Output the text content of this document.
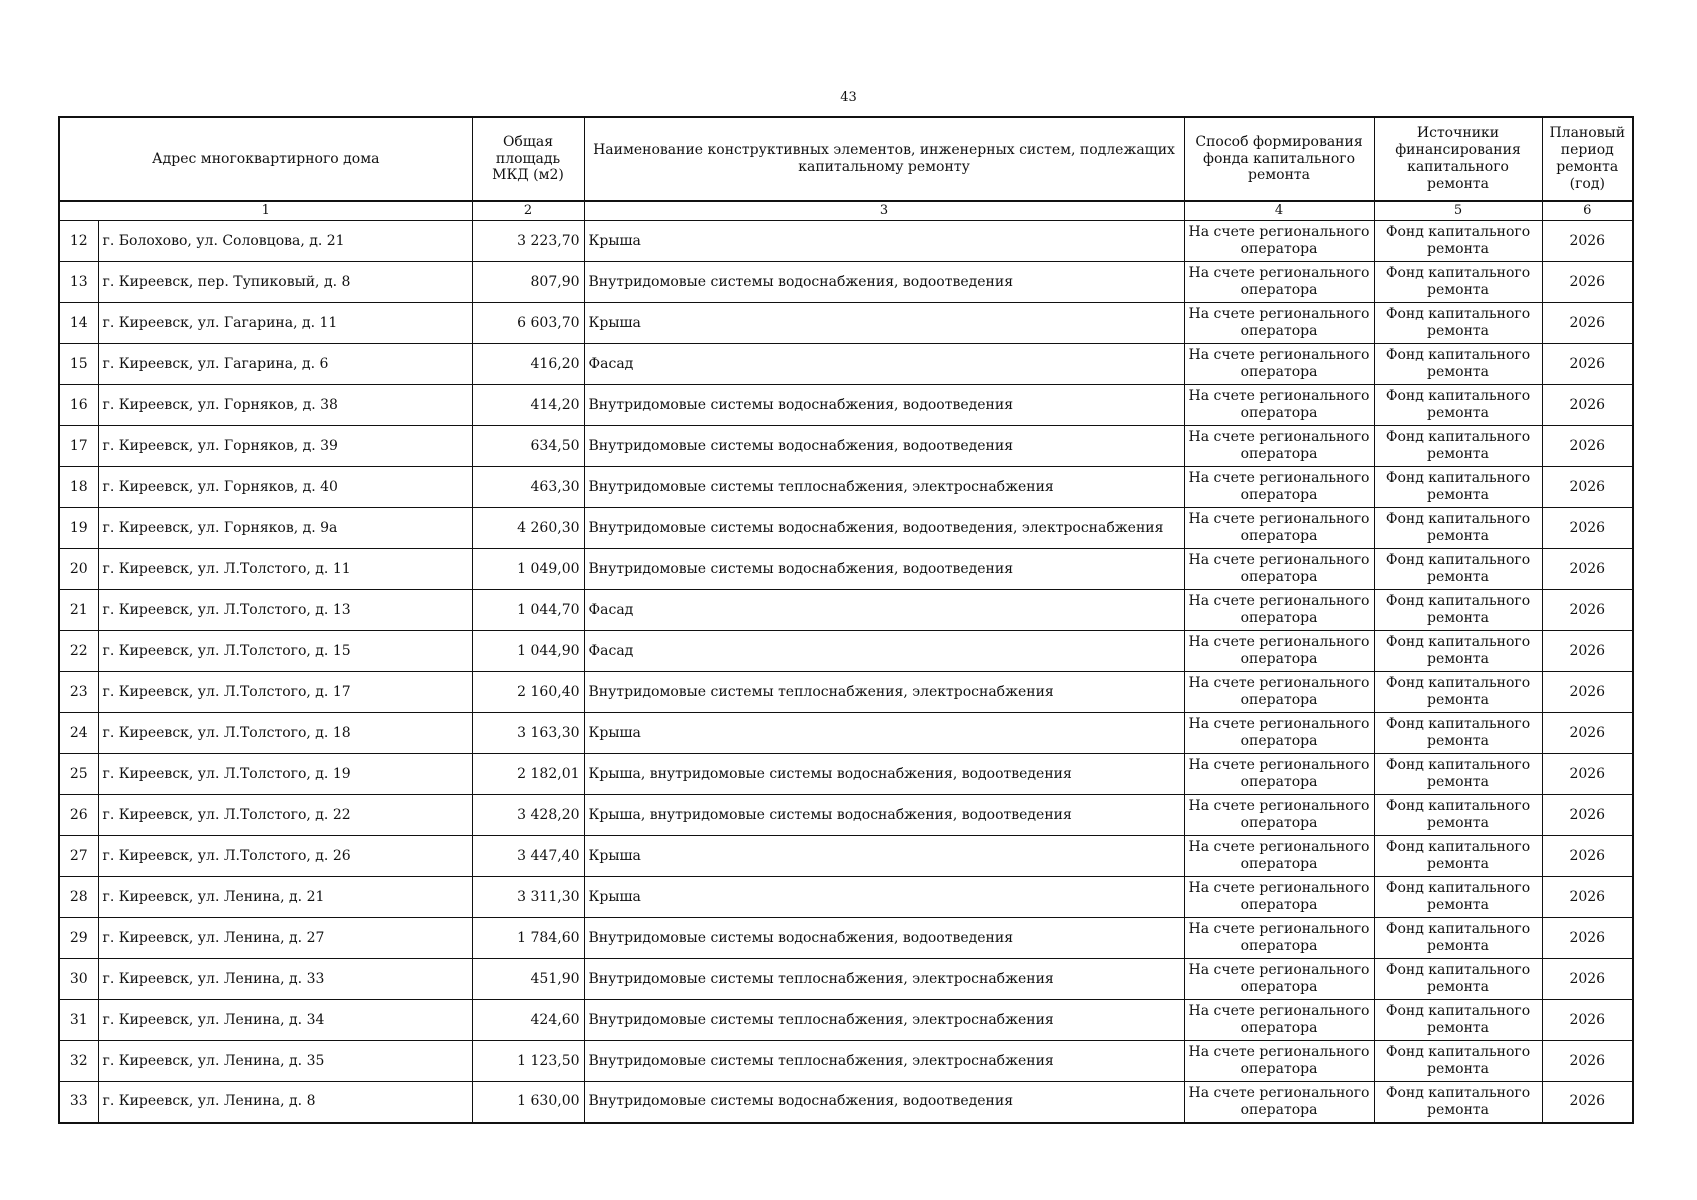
43
Адрес многоквартирного дома		Общая площадь МКД (м2)	Наименование конструктивных элементов, инженерных систем, подлежащих капитальному ремонту	Способ формирования фонда капитального ремонта	Источники финансирования капитального ремонта	Плановый период ремонта (год)
1		2	3	4	5	6
12	г. Болохово, ул. Соловцова, д. 21	3 223,70	Крыша	На счете регионального оператора	Фонд капитального ремонта	2026
13	г. Киреевск, пер. Тупиковый, д. 8	807,90	Внутридомовые системы водоснабжения, водоотведения	На счете регионального оператора	Фонд капитального ремонта	2026
14	г. Киреевск, ул. Гагарина, д. 11	6 603,70	Крыша	На счете регионального оператора	Фонд капитального ремонта	2026
15	г. Киреевск, ул. Гагарина, д. 6	416,20	Фасад	На счете регионального оператора	Фонд капитального ремонта	2026
16	г. Киреевск, ул. Горняков, д. 38	414,20	Внутридомовые системы водоснабжения, водоотведения	На счете регионального оператора	Фонд капитального ремонта	2026
17	г. Киреевск, ул. Горняков, д. 39	634,50	Внутридомовые системы водоснабжения, водоотведения	На счете регионального оператора	Фонд капитального ремонта	2026
18	г. Киреевск, ул. Горняков, д. 40	463,30	Внутридомовые системы теплоснабжения, электроснабжения	На счете регионального оператора	Фонд капитального ремонта	2026
19	г. Киреевск, ул. Горняков, д. 9а	4 260,30	Внутридомовые системы водоснабжения, водоотведения, электроснабжения	На счете регионального оператора	Фонд капитального ремонта	2026
20	г. Киреевск, ул. Л.Толстого, д. 11	1 049,00	Внутридомовые системы водоснабжения, водоотведения	На счете регионального оператора	Фонд капитального ремонта	2026
21	г. Киреевск, ул. Л.Толстого, д. 13	1 044,70	Фасад	На счете регионального оператора	Фонд капитального ремонта	2026
22	г. Киреевск, ул. Л.Толстого, д. 15	1 044,90	Фасад	На счете регионального оператора	Фонд капитального ремонта	2026
23	г. Киреевск, ул. Л.Толстого, д. 17	2 160,40	Внутридомовые системы теплоснабжения, электроснабжения	На счете регионального оператора	Фонд капитального ремонта	2026
24	г. Киреевск, ул. Л.Толстого, д. 18	3 163,30	Крыша	На счете регионального оператора	Фонд капитального ремонта	2026
25	г. Киреевск, ул. Л.Толстого, д. 19	2 182,01	Крыша, внутридомовые системы водоснабжения, водоотведения	На счете регионального оператора	Фонд капитального ремонта	2026
26	г. Киреевск, ул. Л.Толстого, д. 22	3 428,20	Крыша, внутридомовые системы водоснабжения, водоотведения	На счете регионального оператора	Фонд капитального ремонта	2026
27	г. Киреевск, ул. Л.Толстого, д. 26	3 447,40	Крыша	На счете регионального оператора	Фонд капитального ремонта	2026
28	г. Киреевск, ул. Ленина, д. 21	3 311,30	Крыша	На счете регионального оператора	Фонд капитального ремонта	2026
29	г. Киреевск, ул. Ленина, д. 27	1 784,60	Внутридомовые системы водоснабжения, водоотведения	На счете регионального оператора	Фонд капитального ремонта	2026
30	г. Киреевск, ул. Ленина, д. 33	451,90	Внутридомовые системы теплоснабжения, электроснабжения	На счете регионального оператора	Фонд капитального ремонта	2026
31	г. Киреевск, ул. Ленина, д. 34	424,60	Внутридомовые системы теплоснабжения, электроснабжения	На счете регионального оператора	Фонд капитального ремонта	2026
32	г. Киреевск, ул. Ленина, д. 35	1 123,50	Внутридомовые системы теплоснабжения, электроснабжения	На счете регионального оператора	Фонд капитального ремонта	2026
33	г. Киреевск, ул. Ленина, д. 8	1 630,00	Внутридомовые системы водоснабжения, водоотведения	На счете регионального оператора	Фонд капитального ремонта	2026
